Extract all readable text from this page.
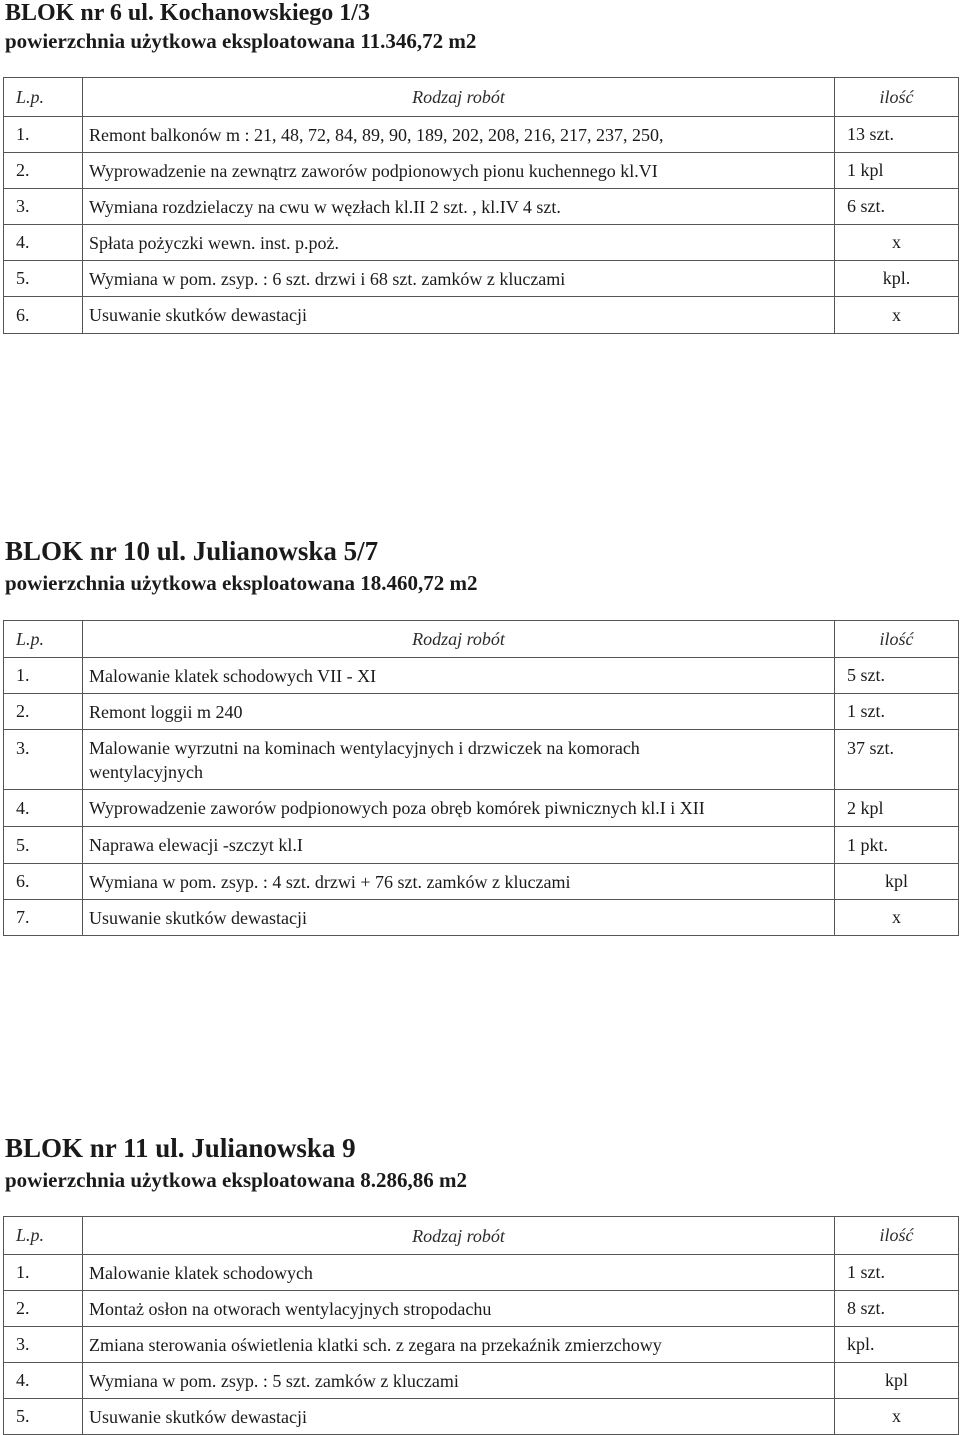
BLOK nr 6 ul. Kochanowskiego 1/3
powierzchnia użytkowa eksploatowana 11.346,72 m2
L.p.	Rodzaj robót	ilość
1.	Remont balkonów m : 21, 48, 72, 84, 89, 90, 189, 202, 208, 216, 217, 237, 250,	13 szt.
2.	Wyprowadzenie na zewnątrz zaworów podpionowych pionu kuchennego kl.VI	1 kpl
3.	Wymiana rozdzielaczy na cwu w węzłach kl.II 2 szt. , kl.IV 4 szt.	6 szt.
4.	Spłata pożyczki wewn. inst. p.poż.	x
5.	Wymiana w pom. zsyp. : 6 szt. drzwi i 68 szt. zamków z kluczami	kpl.
6.	Usuwanie skutków dewastacji	x
BLOK nr 10 ul. Julianowska 5/7
powierzchnia użytkowa eksploatowana 18.460,72 m2
L.p.	Rodzaj robót	ilość
1.	Malowanie klatek schodowych VII - XI	5 szt.
2.	Remont loggii m 240	1 szt.
3.	Malowanie wyrzutni na kominach wentylacyjnych i drzwiczek na komorach wentylacyjnych	37 szt.
4.	Wyprowadzenie zaworów podpionowych poza obręb komórek piwnicznych kl.I i XII	2 kpl
5.	Naprawa elewacji -szczyt kl.I	1 pkt.
6.	Wymiana w pom. zsyp. : 4 szt. drzwi + 76 szt. zamków z kluczami	kpl
7.	Usuwanie skutków dewastacji	x
BLOK nr 11 ul. Julianowska 9
powierzchnia użytkowa eksploatowana 8.286,86 m2
L.p.	Rodzaj robót	ilość
1.	Malowanie klatek schodowych	1 szt.
2.	Montaż osłon na otworach wentylacyjnych stropodachu	8 szt.
3.	Zmiana sterowania oświetlenia klatki sch. z zegara na przekaźnik zmierzchowy	kpl.
4.	Wymiana w pom. zsyp. : 5 szt. zamków z kluczami	kpl
5.	Usuwanie skutków dewastacji	x
